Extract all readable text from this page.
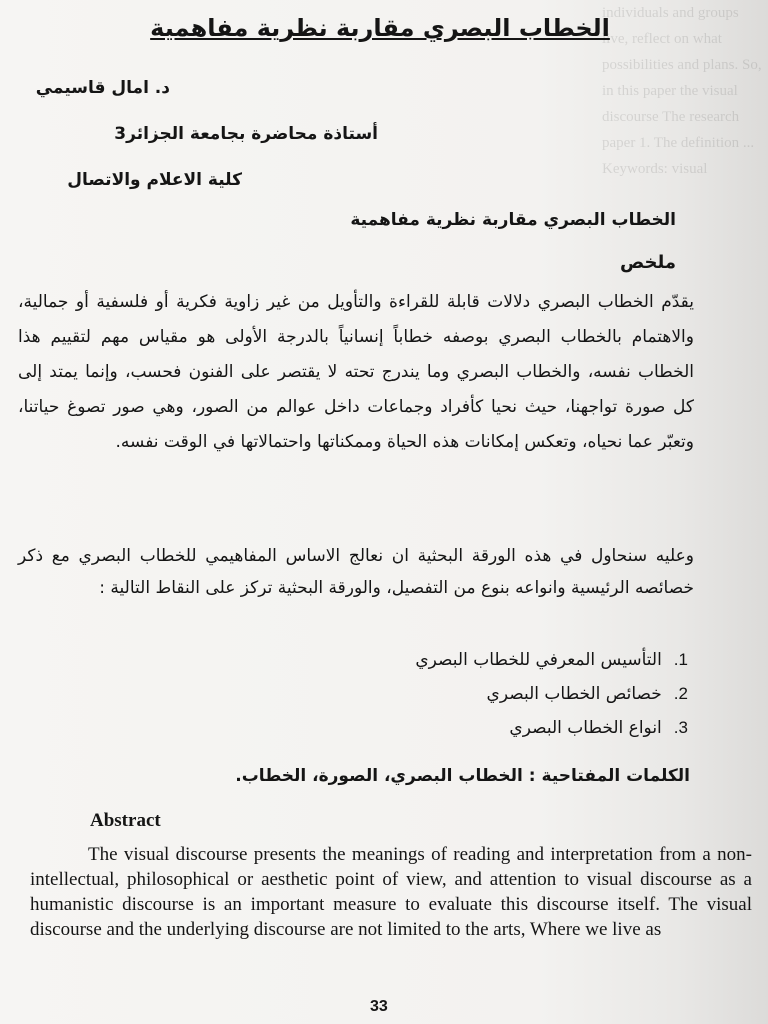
individuals and groups live, reflect on what possibilities and plans. So, in this paper the visual discourse The research paper 1. The definition ... Keywords: visual
الخطاب البصري مقاربة نظرية مفاهمية
د. امال قاسيمي
أستاذة محاضرة بجامعة الجزائر3
كلية الاعلام والاتصال
الخطاب البصري مقاربة نظرية مفاهمية
ملخص
يقدّم الخطاب البصري دلالات قابلة للقراءة والتأويل من غير زاوية فكرية أو فلسفية أو جمالية، والاهتمام بالخطاب البصري بوصفه خطاباً إنسانياً بالدرجة الأولى هو مقياس مهم لتقييم هذا الخطاب نفسه، والخطاب البصري وما يندرج تحته لا يقتصر على الفنون فحسب، وإنما يمتد إلى كل صورة تواجهنا، حيث نحيا كأفراد وجماعات داخل عوالم من الصور، وهي صور تصوغ حياتنا، وتعبّر عما نحياه، وتعكس إمكانات هذه الحياة وممكناتها واحتمالاتها في الوقت نفسه.
وعليه سنحاول في هذه الورقة البحثية ان نعالج الاساس المفاهيمي للخطاب البصري مع ذكر خصائصه الرئيسية وانواعه بنوع من التفصيل، والورقة البحثية تركز على النقاط التالية :
1.
التأسيس المعرفي للخطاب البصري
2.
خصائص الخطاب البصري
3.
انواع الخطاب البصري
الكلمات المفتاحية : الخطاب البصري، الصورة، الخطاب.
Abstract
The visual discourse presents the meanings of reading and interpretation from a non-intellectual, philosophical or aesthetic point of view, and attention to visual discourse as a humanistic discourse is an important measure to evaluate this discourse itself. The visual discourse and the underlying discourse are not limited to the arts, Where we live as
33
